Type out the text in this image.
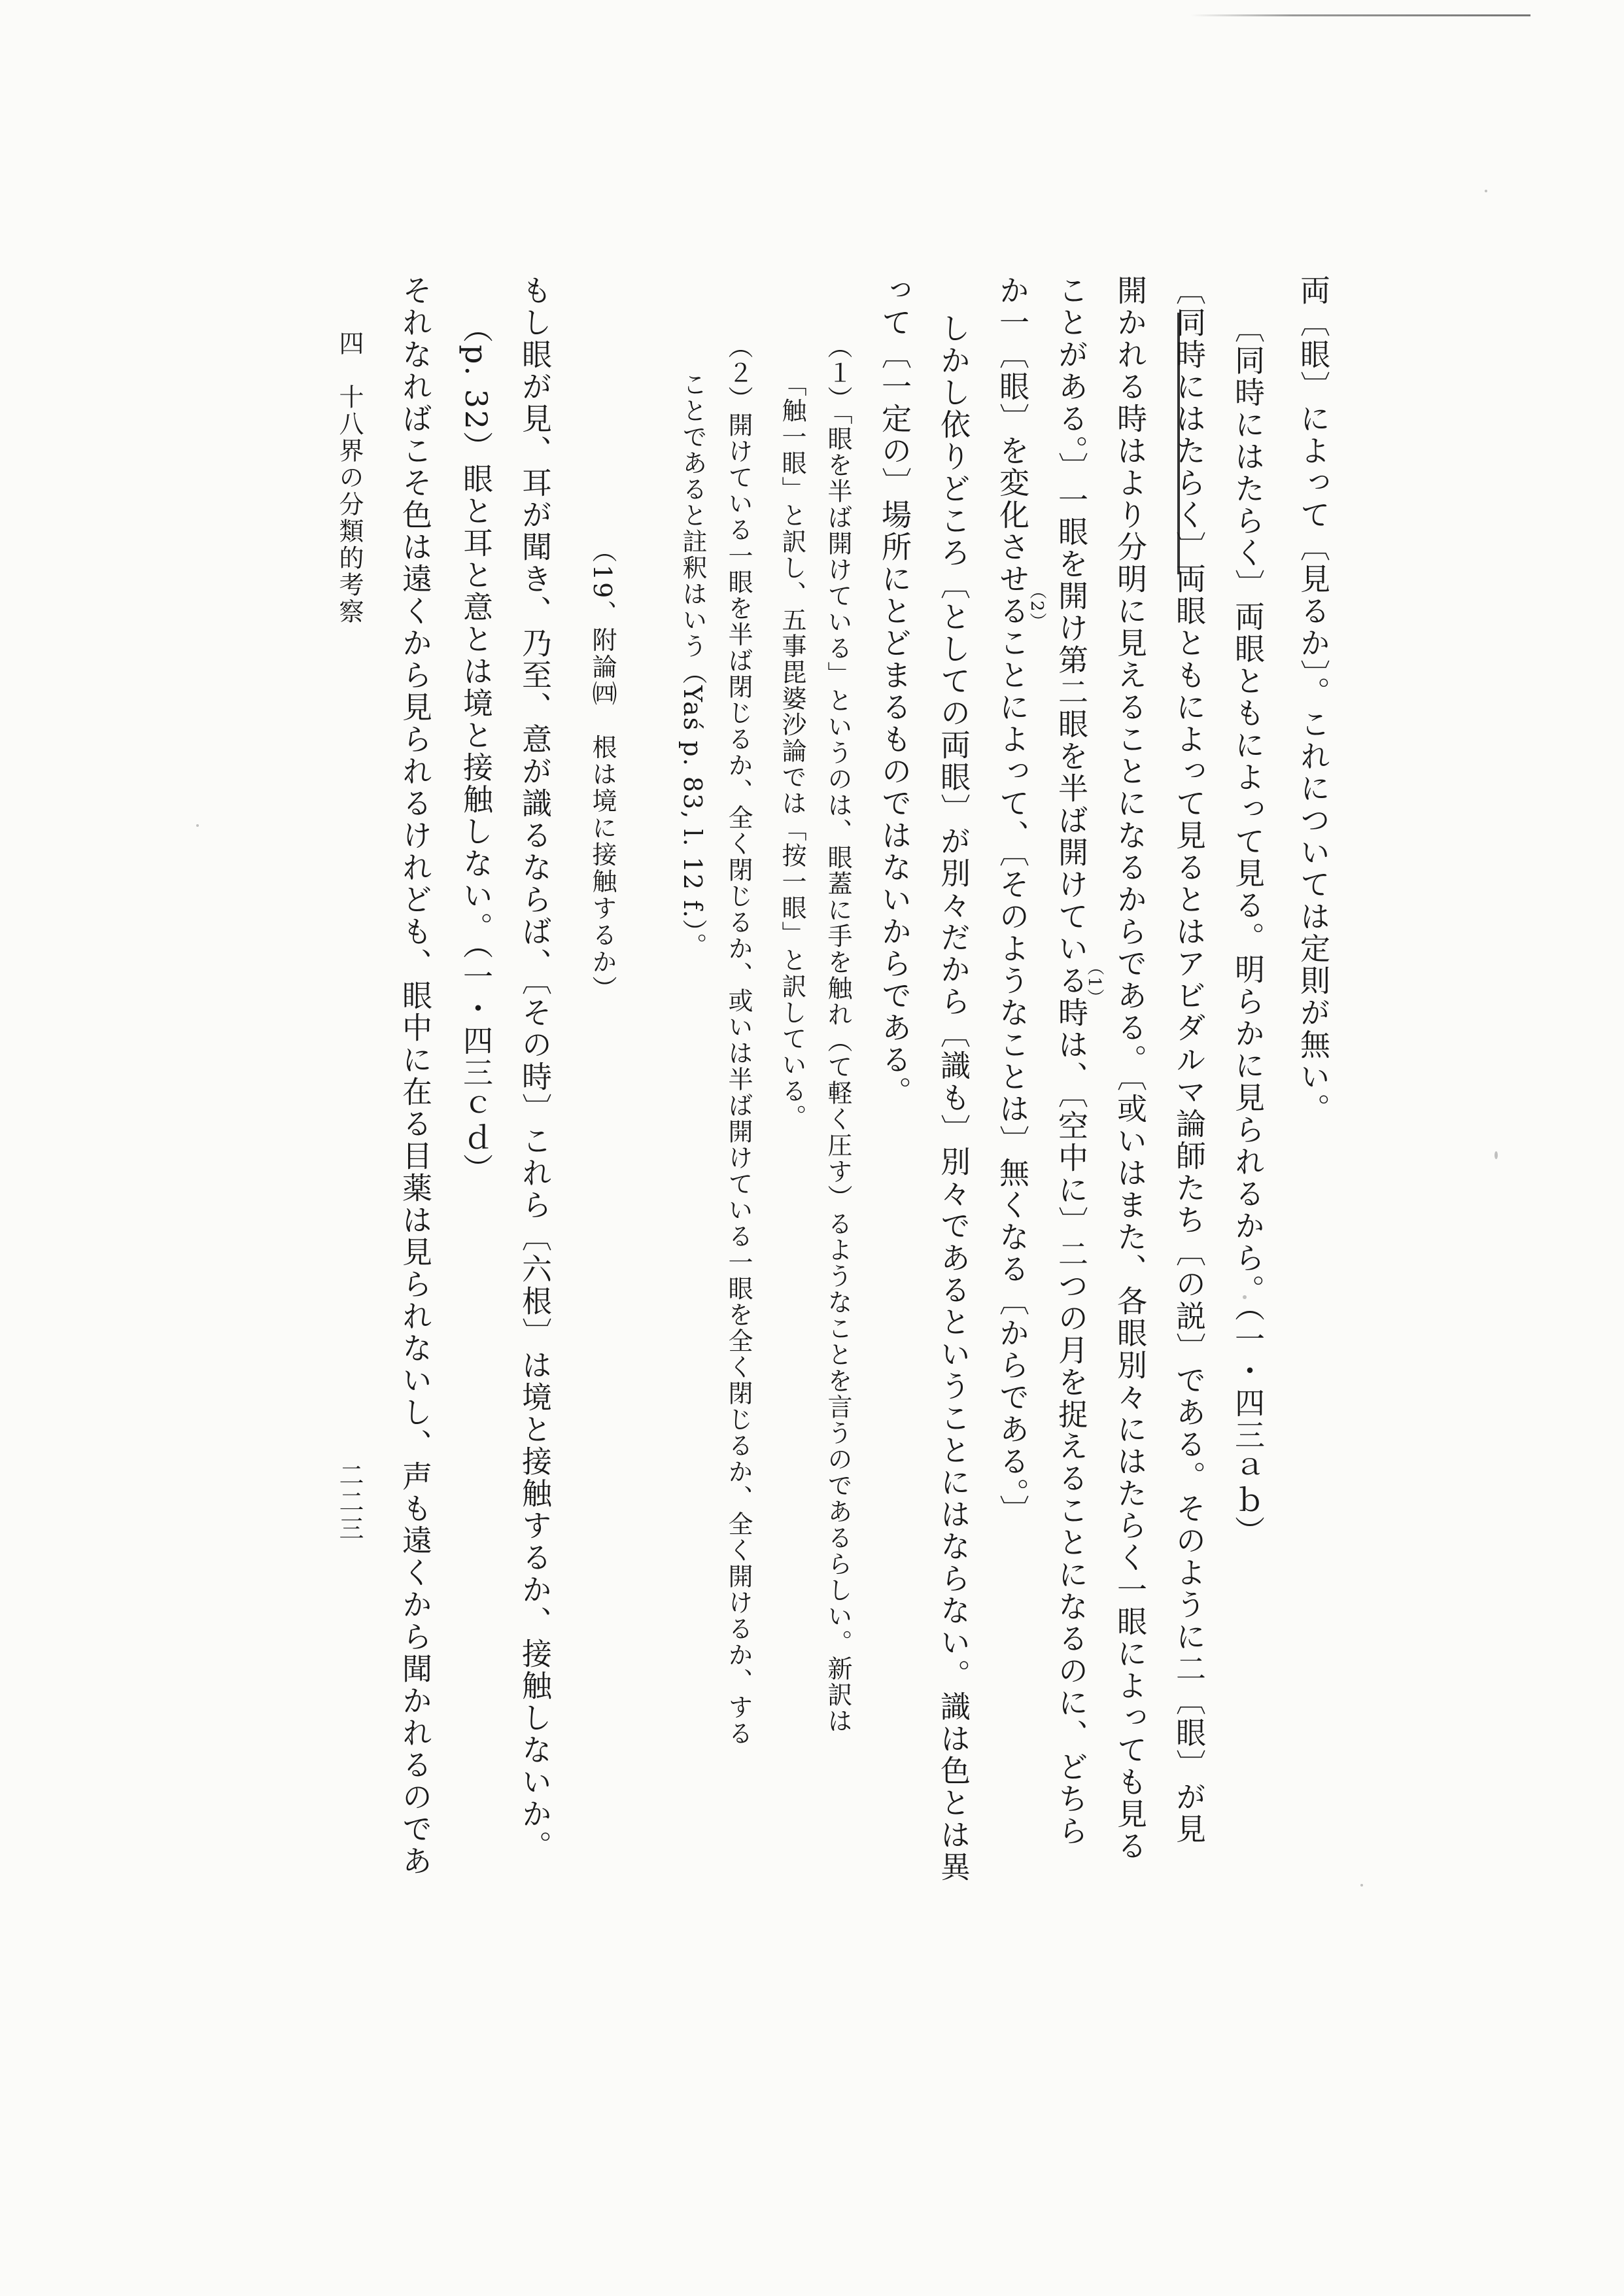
両〔眼〕によって〔見るか〕。これについては定則が無い。
〔同時にはたらく〕両眼ともによって見る。明らかに見られるから。（一・四三ａｂ）
〔同時にはたらく〕両眼ともによって見るとはアビダルマ論師たち〔の説〕である。そのように二〔眼〕が見
開かれる時はより分明に見えることになるからである。〔或いはまた、各眼別々にはたらく一眼によっても見る
ことがある。〕一眼を開け第二眼を半ば開けている時は、〔空中に〕二つの月を捉えることになるのに、どちら
か一〔眼〕を変化させることによって、〔そのようなことは〕無くなる〔からである。〕
しかし依りどころ〔としての両眼〕が別々だから〔識も〕別々であるということにはならない。識は色とは異
って〔一定の〕場所にとどまるものではないからである。	（1）
（2）
（１）「眼を半ば開けている」というのは、眼蓋に手を触れ（て軽く圧す）るようなことを言うのであるらしい。新訳は
「触一眼」と訳し、五事毘婆沙論では「按一眼」と訳している。
（２）開けている一眼を半ば閉じるか、全く閉じるか、或いは半ば開けている一眼を全く閉じるか、全く開けるか、する
ことであると註釈はいう（Yaś p. 83, l. 12 f.）。
（19、附論㈣　根は境に接触するか）
もし眼が見、耳が聞き、乃至、意が識るならば、〔その時〕これら〔六根〕は境と接触するか、接触しないか。
（p. 32）眼と耳と意とは境と接触しない。（一・四三ｃｄ）
それなればこそ色は遠くから見られるけれども、眼中に在る目薬は見られないし、声も遠くから聞かれるのであ
四　十八界の分類的考察
二二三
